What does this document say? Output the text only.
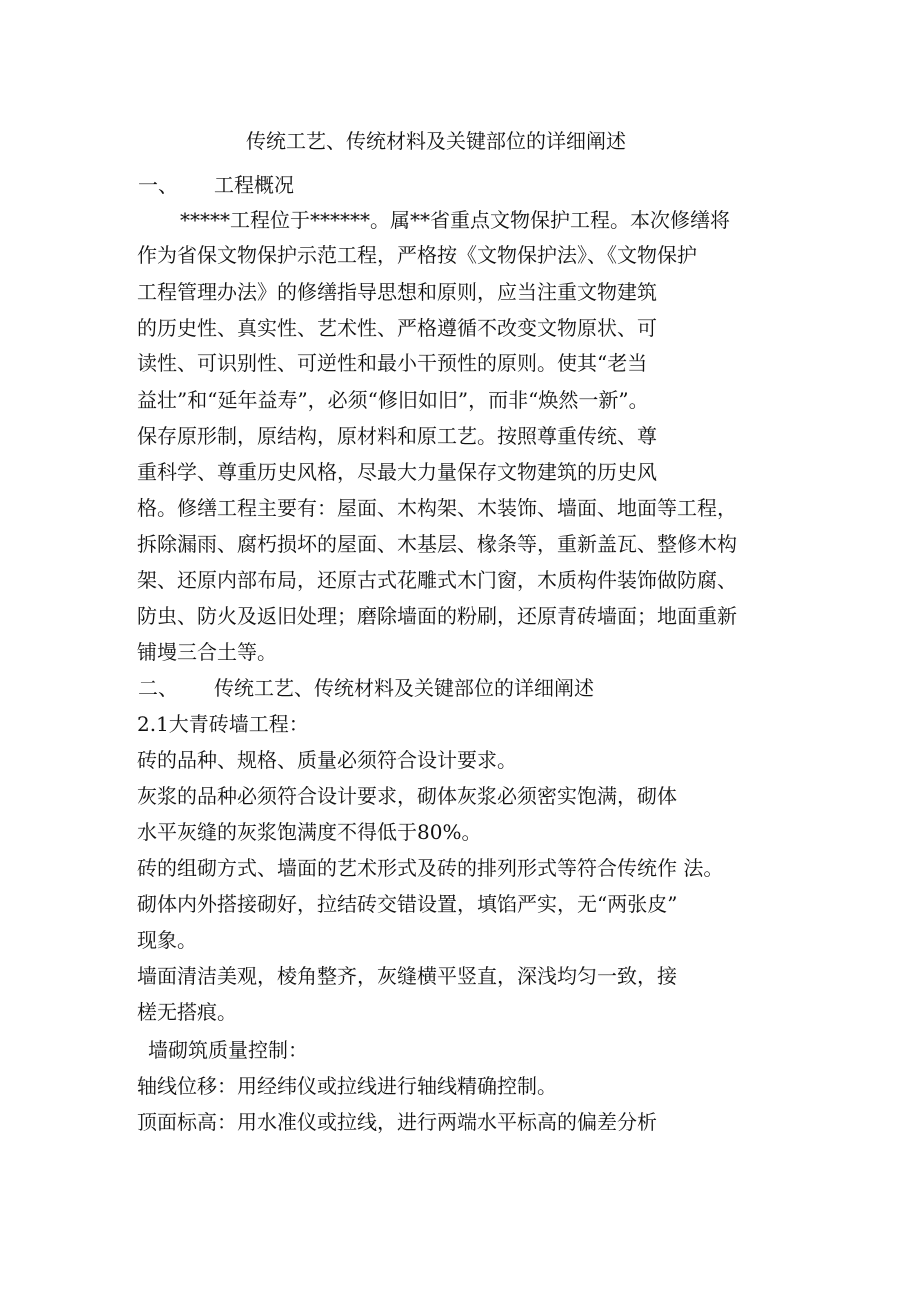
传统工艺、传统材料及关键部位的详细阐述
一、 工程概况
*****工程位于******。属**省重点文物保护工程。本次修缮将
作为省保文物保护示范工程，严格按《文物保护法》、《文物保护
工程管理办法》的修缮指导思想和原则，应当注重文物建筑
的历史性、真实性、艺术性、严格遵循不改变文物原状、可
读性、可识别性、可逆性和最小干预性的原则。使其“老当
益壮”和“延年益寿”，必须“修旧如旧”，而非“焕然一新”。
保存原形制，原结构，原材料和原工艺。按照尊重传统、尊
重科学、尊重历史风格，尽最大力量保存文物建筑的历史风
格。修缮工程主要有：屋面、木构架、木装饰、墙面、地面等工程，
拆除漏雨、腐朽损坏的屋面、木基层、椽条等，重新盖瓦、整修木构
架、还原内部布局，还原古式花雕式木门窗，木质构件装饰做防腐、
防虫、防火及返旧处理；磨除墙面的粉刷，还原青砖墙面；地面重新
铺墁三合土等。
二、 传统工艺、传统材料及关键部位的详细阐述
2.1大青砖墙工程：
砖的品种、规格、质量必须符合设计要求。
灰浆的品种必须符合设计要求，砌体灰浆必须密实饱满，砌体
水平灰缝的灰浆饱满度不得低于80%。
砖的组砌方式、墙面的艺术形式及砖的排列形式等符合传统作 法。
砌体内外搭接砌好，拉结砖交错设置，填馅严实，无“两张皮”
现象。
墙面清洁美观，棱角整齐，灰缝横平竖直，深浅均匀一致，接
槎无搭痕。
墙砌筑质量控制：
轴线位移：用经纬仪或拉线进行轴线精确控制。
顶面标高：用水准仪或拉线，进行两端水平标高的偏差分析
